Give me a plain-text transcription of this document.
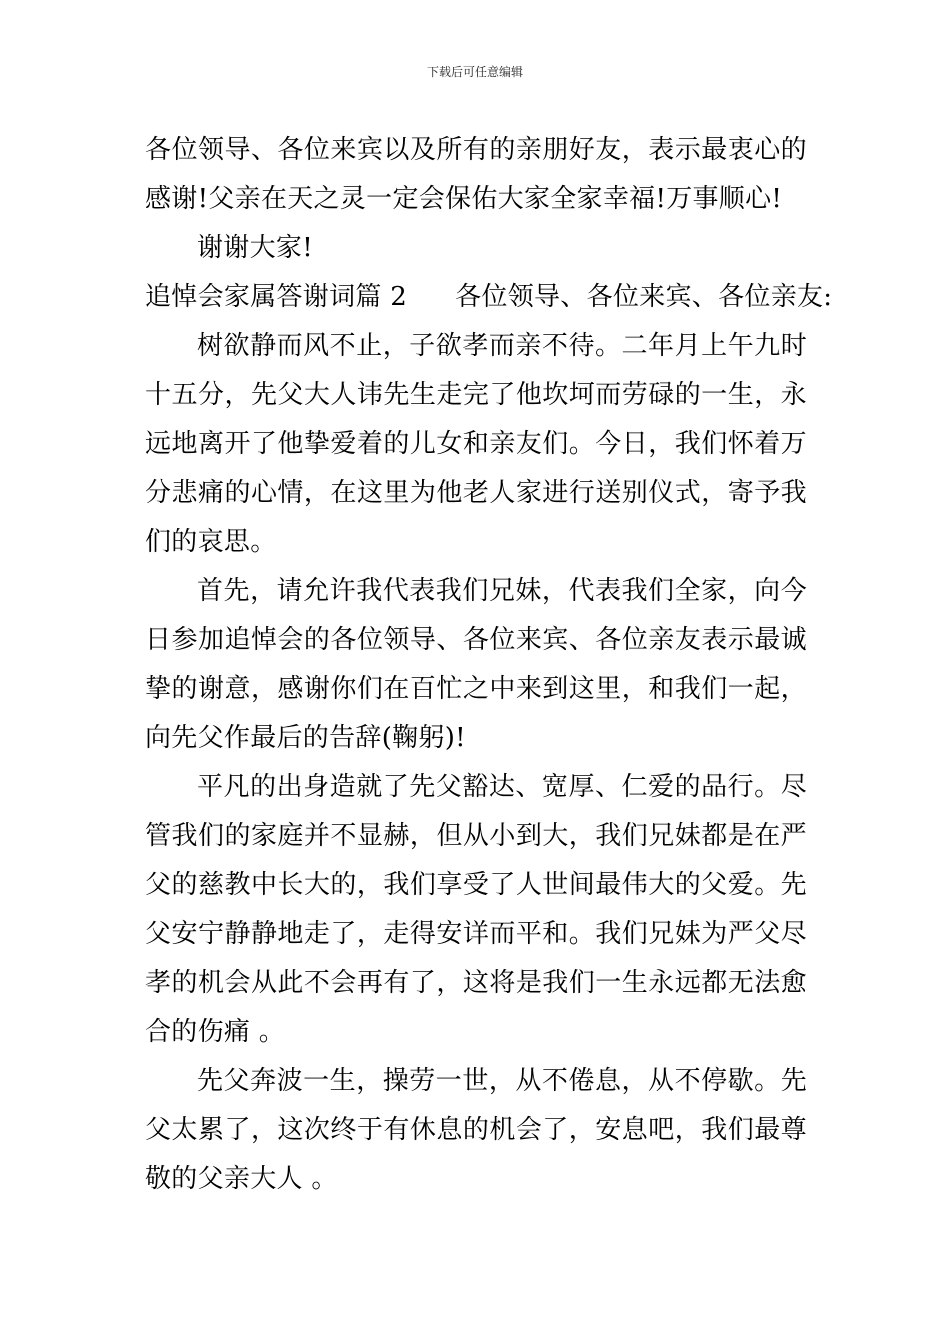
下载后可任意编辑

各位领导、各位来宾以及所有的亲朋好友，表示最衷心的感谢!父亲在天之灵一定会保佑大家全家幸福!万事顺心!

谢谢大家!

追悼会家属答谢词篇 2 各位领导、各位来宾、各位亲友:

树欲静而风不止，子欲孝而亲不待。二年月上午九时十五分，先父大人讳先生走完了他坎坷而劳碌的一生，永远地离开了他挚爱着的儿女和亲友们。今日，我们怀着万分悲痛的心情，在这里为他老人家进行送别仪式，寄予我们的哀思。

首先，请允许我代表我们兄妹，代表我们全家，向今日参加追悼会的各位领导、各位来宾、各位亲友表示最诚挚的谢意，感谢你们在百忙之中来到这里，和我们一起，向先父作最后的告辞(鞠躬)!

平凡的出身造就了先父豁达、宽厚、仁爱的品行。尽管我们的家庭并不显赫，但从小到大，我们兄妹都是在严父的慈教中长大的，我们享受了人世间最伟大的父爱。先父安宁静静地走了，走得安详而平和。我们兄妹为严父尽孝的机会从此不会再有了，这将是我们一生永远都无法愈合的伤痛 。

先父奔波一生，操劳一世，从不倦息，从不停歇。先父太累了，这次终于有休息的机会了，安息吧，我们最尊敬的父亲大人 。
